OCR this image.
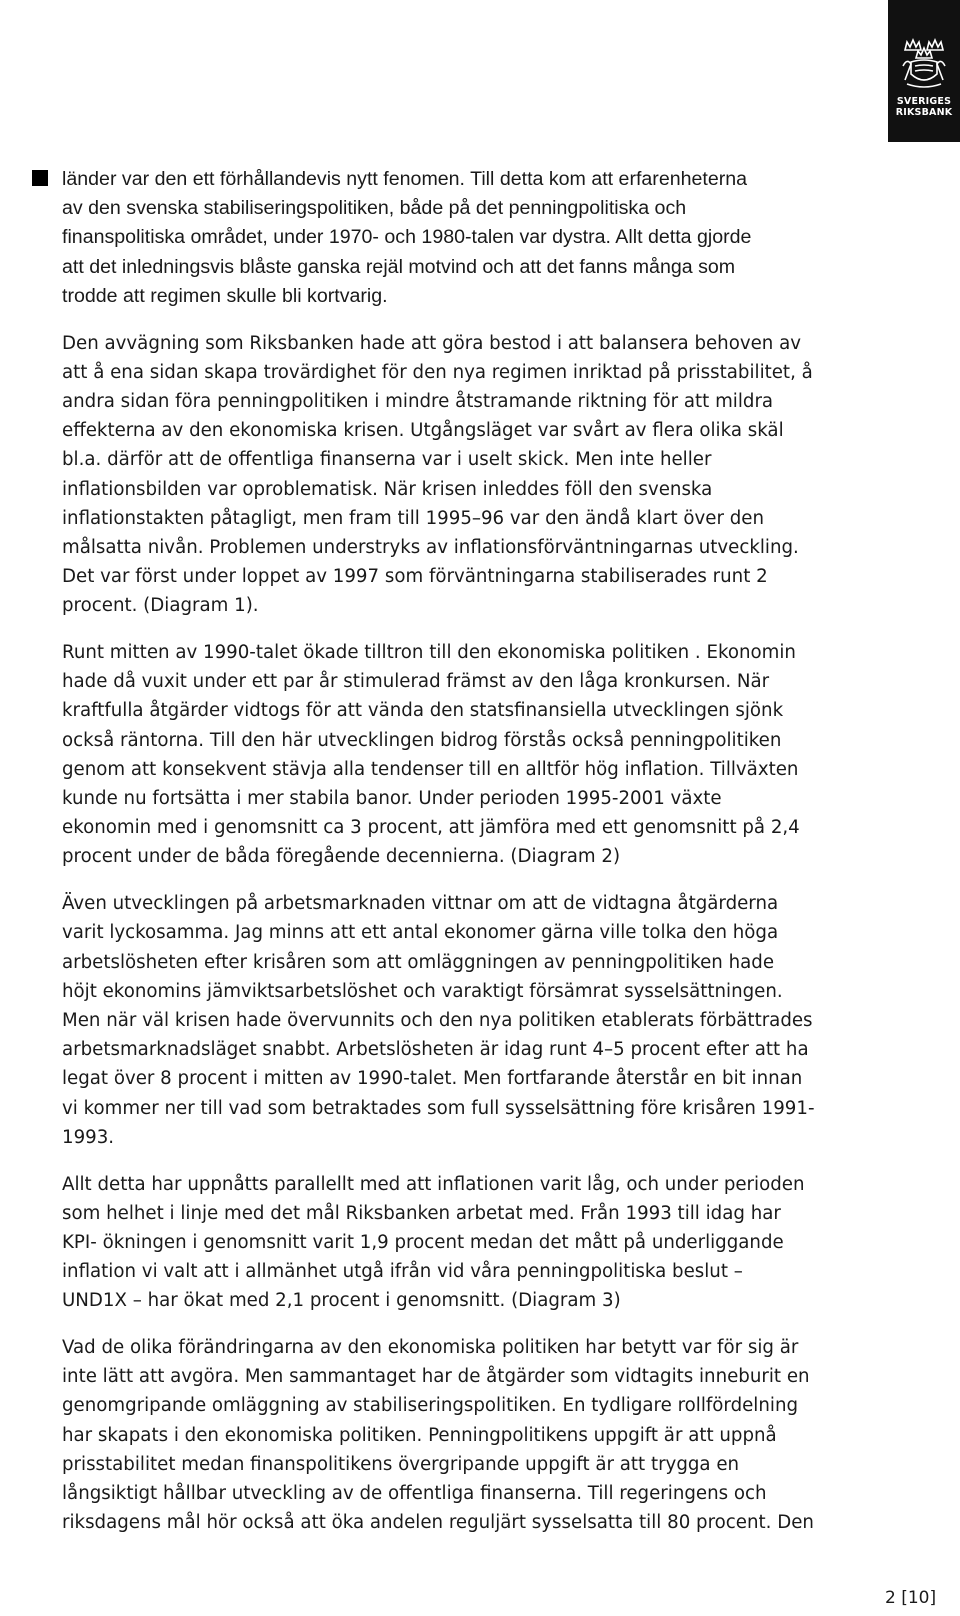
SVERIGES
RIKSBANK

länder var den ett förhållandevis nytt fenomen. Till detta kom att erfarenheterna
av den svenska stabiliseringspolitiken, både på det penningpolitiska och
finanspolitiska området, under 1970- och 1980-talen var dystra. Allt detta gjorde
att det inledningsvis blåste ganska rejäl motvind och att det fanns många som
trodde att regimen skulle bli kortvarig.

Den avvägning som Riksbanken hade att göra bestod i att balansera behoven av
att å ena sidan skapa trovärdighet för den nya regimen inriktad på prisstabilitet, å
andra sidan föra penningpolitiken i mindre åtstramande riktning för att mildra
effekterna av den ekonomiska krisen. Utgångsläget var svårt av flera olika skäl
bl.a. därför att de offentliga finanserna var i uselt skick. Men inte heller
inflationsbilden var oproblematisk. När krisen inleddes föll den svenska
inflationstakten påtagligt, men fram till 1995–96 var den ändå klart över den
målsatta nivån. Problemen understryks av inflationsförväntningarnas utveckling.
Det var först under loppet av 1997 som förväntningarna stabiliserades runt 2
procent. (Diagram 1).

Runt mitten av 1990-talet ökade tilltron till den ekonomiska politiken . Ekonomin
hade då vuxit under ett par år stimulerad främst av den låga kronkursen. När
kraftfulla åtgärder vidtogs för att vända den statsfinansiella utvecklingen sjönk
också räntorna. Till den här utvecklingen bidrog förstås också penningpolitiken
genom att konsekvent stävja alla tendenser till en alltför hög inflation. Tillväxten
kunde nu fortsätta i mer stabila banor. Under perioden 1995-2001 växte
ekonomin med i genomsnitt ca 3 procent, att jämföra med ett genomsnitt på 2,4
procent under de båda föregående decennierna. (Diagram 2)

Även utvecklingen på arbetsmarknaden vittnar om att de vidtagna åtgärderna
varit lyckosamma. Jag minns att ett antal ekonomer gärna ville tolka den höga
arbetslösheten efter krisåren som att omläggningen av penningpolitiken hade
höjt ekonomins jämviktsarbetslöshet och varaktigt försämrat sysselsättningen.
Men när väl krisen hade övervunnits och den nya politiken etablerats förbättrades
arbetsmarknadsläget snabbt. Arbetslösheten är idag runt 4–5 procent efter att ha
legat över 8 procent i mitten av 1990-talet. Men fortfarande återstår en bit innan
vi kommer ner till vad som betraktades som full sysselsättning före krisåren 1991-
1993.

Allt detta har uppnåtts parallellt med att inflationen varit låg, och under perioden
som helhet i linje med det mål Riksbanken arbetat med. Från 1993 till idag har
KPI- ökningen i genomsnitt varit 1,9 procent medan det mått på underliggande
inflation vi valt att i allmänhet utgå ifrån vid våra penningpolitiska beslut –
UND1X – har ökat med 2,1 procent i genomsnitt. (Diagram 3)

Vad de olika förändringarna av den ekonomiska politiken har betytt var för sig är
inte lätt att avgöra. Men sammantaget har de åtgärder som vidtagits inneburit en
genomgripande omläggning av stabiliseringspolitiken. En tydligare rollfördelning
har skapats i den ekonomiska politiken. Penningpolitikens uppgift är att uppnå
prisstabilitet medan finanspolitikens övergripande uppgift är att trygga en
långsiktigt hållbar utveckling av de offentliga finanserna. Till regeringens och
riksdagens mål hör också att öka andelen reguljärt sysselsatta till 80 procent. Den

2 [10]
